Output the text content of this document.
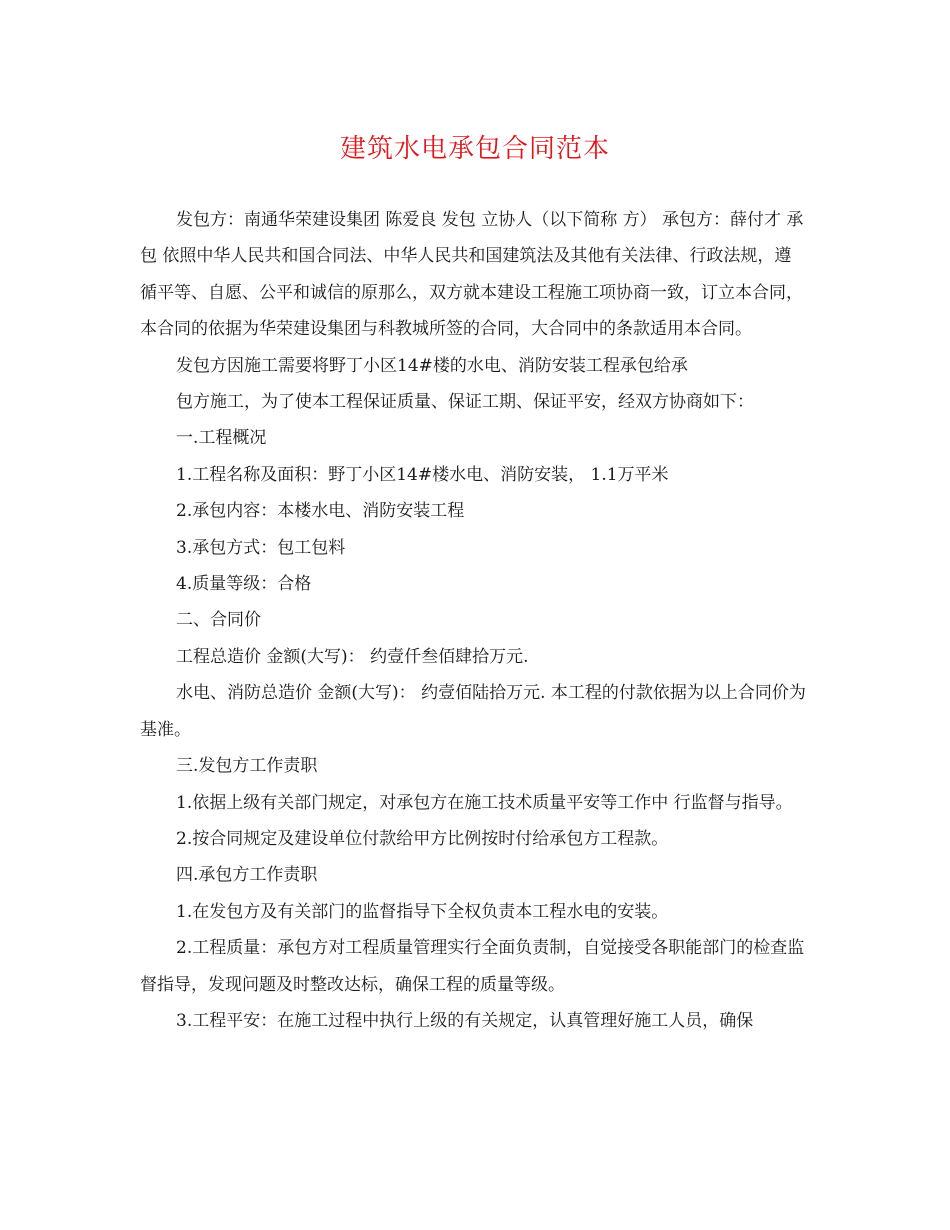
建筑水电承包合同范本

发包方：南通华荣建设集团 陈爱良 发包 立协人（以下简称 方） 承包方：薛付才 承包 依照中华人民共和国合同法、中华人民共和国建筑法及其他有关法律、行政法规，遵循平等、自愿、公平和诚信的原那么，双方就本建设工程施工项协商一致，订立本合同，本合同的依据为华荣建设集团与科教城所签的合同，大合同中的条款适用本合同。

发包方因施工需要将野丁小区14#楼的水电、消防安装工程承包给承

包方施工，为了使本工程保证质量、保证工期、保证平安，经双方协商如下：

一.工程概况

1.工程名称及面积：野丁小区14#楼水电、消防安装， 1.1万平米

2.承包内容：本楼水电、消防安装工程

3.承包方式：包工包料

4.质量等级：合格

二、合同价

工程总造价 金额(大写)： 约壹仟叁佰肆拾万元.

水电、消防总造价 金额(大写)： 约壹佰陆拾万元. 本工程的付款依据为以上合同价为基准。

三.发包方工作责职

1.依据上级有关部门规定，对承包方在施工技术质量平安等工作中 行监督与指导。

2.按合同规定及建设单位付款给甲方比例按时付给承包方工程款。

四.承包方工作责职

1.在发包方及有关部门的监督指导下全权负责本工程水电的安装。

2.工程质量：承包方对工程质量管理实行全面负责制，自觉接受各职能部门的检查监督指导，发现问题及时整改达标，确保工程的质量等级。

3.工程平安：在施工过程中执行上级的有关规定，认真管理好施工人员，确保
